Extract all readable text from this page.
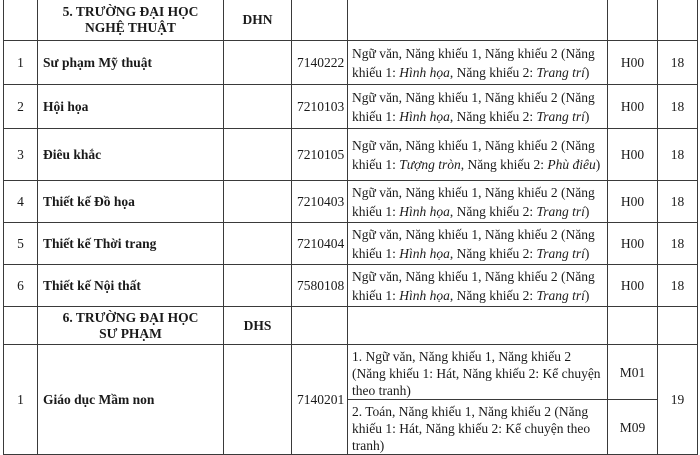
	5. TRƯỜNG ĐẠI HỌC
NGHỆ THUẬT	DHN				
1	Sư phạm Mỹ thuật		7140222	Ngữ văn, Năng khiếu 1, Năng khiếu 2 (Năng khiếu 1: Hình họa, Năng khiếu 2: Trang trí)	H00	18
2	Hội họa		7210103	Ngữ văn, Năng khiếu 1, Năng khiếu 2 (Năng khiếu 1: Hình họa, Năng khiếu 2: Trang trí)	H00	18
3	Điêu khắc		7210105	Ngữ văn, Năng khiếu 1, Năng khiếu 2 (Năng khiếu 1: Tượng tròn, Năng khiếu 2: Phù điêu)	H00	18
4	Thiết kế Đồ họa		7210403	Ngữ văn, Năng khiếu 1, Năng khiếu 2 (Năng khiếu 1: Hình họa, Năng khiếu 2: Trang trí)	H00	18
5	Thiết kế Thời trang		7210404	Ngữ văn, Năng khiếu 1, Năng khiếu 2 (Năng khiếu 1: Hình họa, Năng khiếu 2: Trang trí)	H00	18
6	Thiết kế Nội thất		7580108	Ngữ văn, Năng khiếu 1, Năng khiếu 2 (Năng khiếu 1: Hình họa, Năng khiếu 2: Trang trí)	H00	18
	6. TRƯỜNG ĐẠI HỌC
SƯ PHẠM	DHS				
1	Giáo dục Mầm non		7140201	1. Ngữ văn, Năng khiếu 1, Năng khiếu 2 (Năng khiếu 1: Hát, Năng khiếu 2: Kể chuyện theo tranh)	M01	19
				2. Toán, Năng khiếu 1, Năng khiếu 2 (Năng khiếu 1: Hát, Năng khiếu 2: Kể chuyện theo tranh)	M09	
